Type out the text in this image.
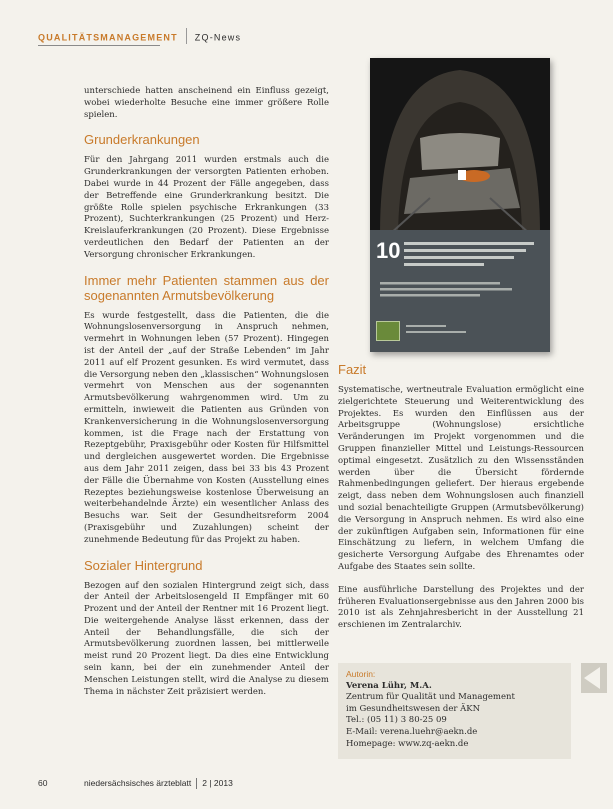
QUALITÄTSMANAGEMENT ZQ-News

unterschiede hatten anscheinend ein Einfluss gezeigt, wobei wiederholte Besuche eine immer größere Rolle spielen.

Grunderkrankungen

Für den Jahrgang 2011 wurden erstmals auch die Grunderkrankungen der versorgten Patienten erhoben. Dabei wurde in 44 Prozent der Fälle angegeben, dass der Betreffende eine Grunderkrankung besitzt. Die größte Rolle spielen psychische Erkrankungen (33 Prozent), Suchterkrankungen (25 Prozent) und Herz-Kreislauferkrankungen (20 Prozent). Diese Ergebnisse verdeutlichen den Bedarf der Patienten an der Versorgung chronischer Erkrankungen.

Immer mehr Patienten stammen aus der sogenannten Armutsbevölkerung

Es wurde festgestellt, dass die Patienten, die die Wohnungslosenversorgung in Anspruch nehmen, vermehrt in Wohnungen leben (57 Prozent). Hingegen ist der Anteil der „auf der Straße Lebenden“ im Jahr 2011 auf elf Prozent gesunken. Es wird vermutet, dass die Versorgung neben den „klassischen“ Wohnungslosen vermehrt von Menschen aus der sogenannten Armutsbevölkerung wahrgenommen wird. Um zu ermitteln, inwieweit die Patienten aus Gründen von Krankenversicherung in die Wohnungslosenversorgung kommen, ist die Frage nach der Erstattung von Rezeptgebühr, Praxisgebühr oder Kosten für Hilfsmittel und dergleichen ausgewertet worden. Die Ergebnisse aus dem Jahr 2011 zeigen, dass bei 33 bis 43 Prozent der Fälle die Übernahme von Kosten (Ausstellung eines Rezeptes beziehungsweise kostenlose Überweisung an weiterbehandelnde Ärzte) ein wesentlicher Anlass des Besuchs war. Seit der Gesundheitsreform 2004 (Praxisgebühr und Zuzahlungen) scheint der zunehmende Bedeutung für das Projekt zu haben.

Sozialer Hintergrund

Bezogen auf den sozialen Hintergrund zeigt sich, dass der Anteil der Arbeitslosengeld II Empfänger mit 60 Prozent und der Anteil der Rentner mit 16 Prozent liegt. Die weitergehende Analyse lässt erkennen, dass der Anteil der Behandlungsfälle, die sich der Armutsbevölkerung zuordnen lassen, bei mittlerweile meist rund 20 Prozent liegt. Da dies eine Entwicklung sein kann, bei der ein zunehmender Anteil der Menschen Leistungen stellt, wird die Analyse zu diesem Thema in nächster Zeit präzisiert werden.

10
Fazit

Systematische, wertneutrale Evaluation ermöglicht eine zielgerichtete Steuerung und Weiterentwicklung des Projektes. Es wurden den Einflüssen aus der Arbeitsgruppe (Wohnungslose) ersichtliche Veränderungen im Projekt vorgenommen und die Gruppen finanzieller Mittel und Leistungs-Ressourcen optimal eingesetzt. Zusätzlich zu den Wissensständen werden über die Übersicht fördernde Rahmenbedingungen geliefert. Der hieraus ergebende zeigt, dass neben dem Wohnungslosen auch finanziell und sozial benachteiligte Gruppen (Armutsbevölkerung) die Versorgung in Anspruch nehmen. Es wird also eine der zukünftigen Aufgaben sein, Informationen für eine Einschätzung zu liefern, in welchem Umfang die gesicherte Versorgung Aufgabe des Ehrenamtes oder Aufgabe des Staates sein sollte.

Eine ausführliche Darstellung des Projektes und der früheren Evaluationsergebnisse aus den Jahren 2000 bis 2010 ist als Zehnjahresbericht in der Ausstellung 21 erschienen im Zentralarchiv.

Autorin:
Verena Lühr, M.A.
Zentrum für Qualität und Management
im Gesundheitswesen der ÄKN
Tel.: (05 11) 3 80-25 09
E-Mail: verena.luehr@aekn.de
Homepage: www.zq-aekn.de
60	niedersächsisches ärzteblatt 2 | 2013
